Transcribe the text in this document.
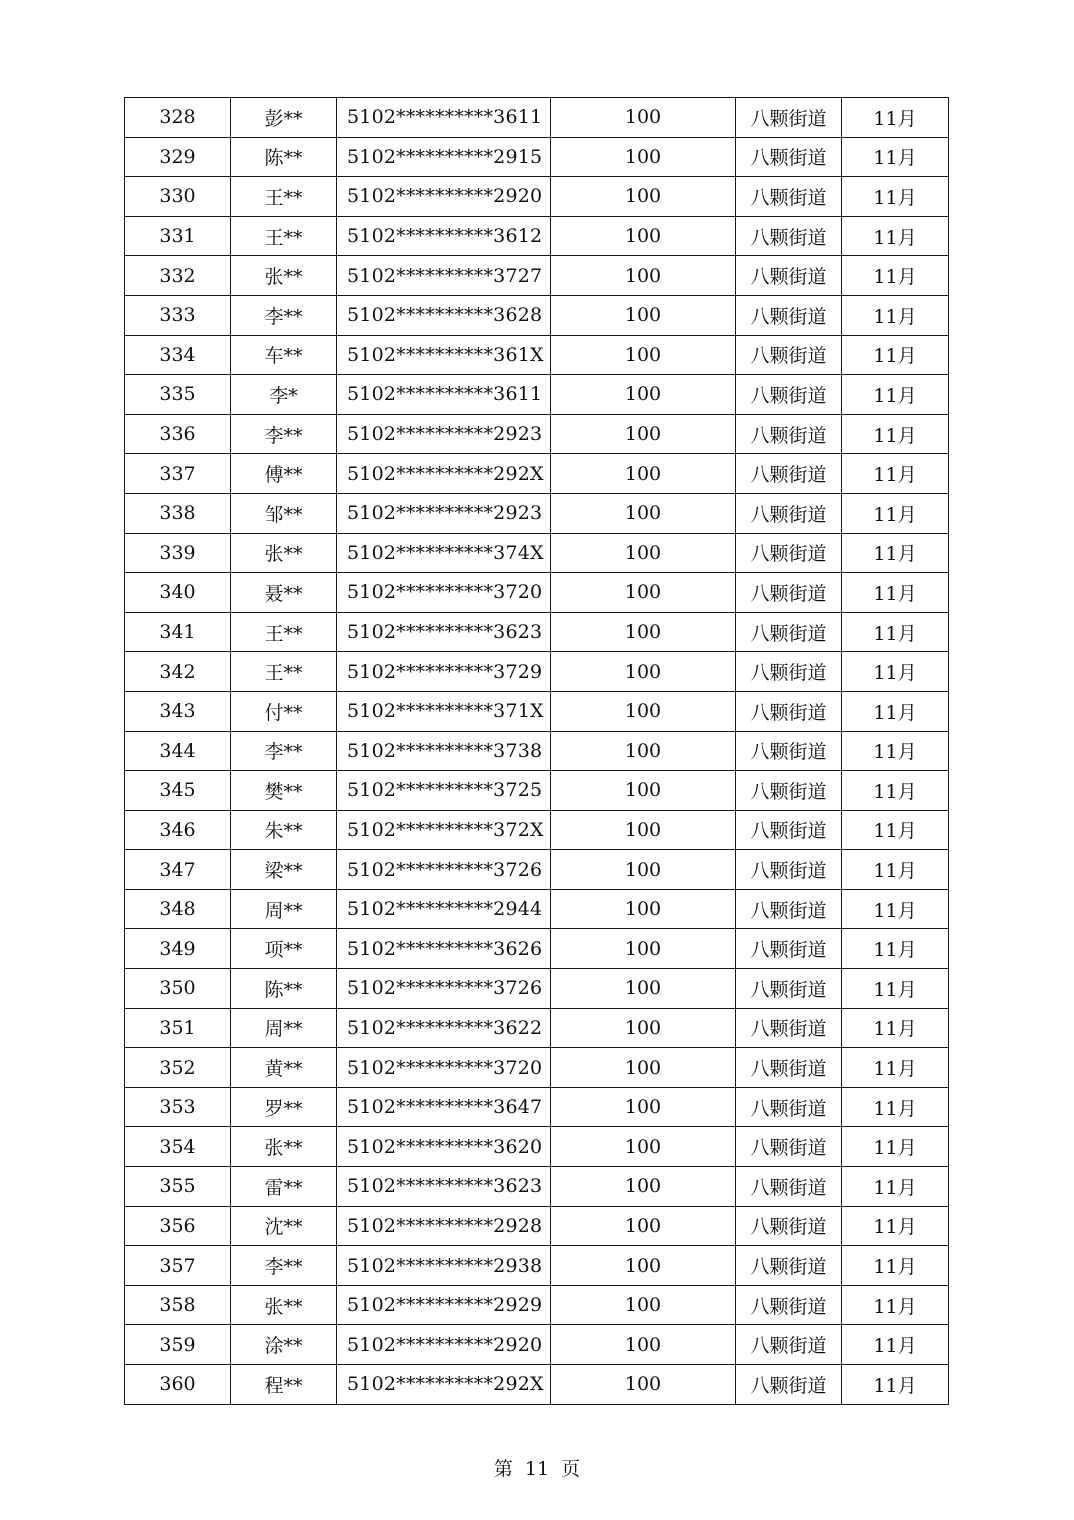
328	彭**	5102**********3611	100	八颗街道	11月
329	陈**	5102**********2915	100	八颗街道	11月
330	王**	5102**********2920	100	八颗街道	11月
331	王**	5102**********3612	100	八颗街道	11月
332	张**	5102**********3727	100	八颗街道	11月
333	李**	5102**********3628	100	八颗街道	11月
334	车**	5102**********361X	100	八颗街道	11月
335	李*	5102**********3611	100	八颗街道	11月
336	李**	5102**********2923	100	八颗街道	11月
337	傅**	5102**********292X	100	八颗街道	11月
338	邹**	5102**********2923	100	八颗街道	11月
339	张**	5102**********374X	100	八颗街道	11月
340	聂**	5102**********3720	100	八颗街道	11月
341	王**	5102**********3623	100	八颗街道	11月
342	王**	5102**********3729	100	八颗街道	11月
343	付**	5102**********371X	100	八颗街道	11月
344	李**	5102**********3738	100	八颗街道	11月
345	樊**	5102**********3725	100	八颗街道	11月
346	朱**	5102**********372X	100	八颗街道	11月
347	梁**	5102**********3726	100	八颗街道	11月
348	周**	5102**********2944	100	八颗街道	11月
349	项**	5102**********3626	100	八颗街道	11月
350	陈**	5102**********3726	100	八颗街道	11月
351	周**	5102**********3622	100	八颗街道	11月
352	黄**	5102**********3720	100	八颗街道	11月
353	罗**	5102**********3647	100	八颗街道	11月
354	张**	5102**********3620	100	八颗街道	11月
355	雷**	5102**********3623	100	八颗街道	11月
356	沈**	5102**********2928	100	八颗街道	11月
357	李**	5102**********2938	100	八颗街道	11月
358	张**	5102**********2929	100	八颗街道	11月
359	涂**	5102**********2920	100	八颗街道	11月
360	程**	5102**********292X	100	八颗街道	11月
第 11 页
